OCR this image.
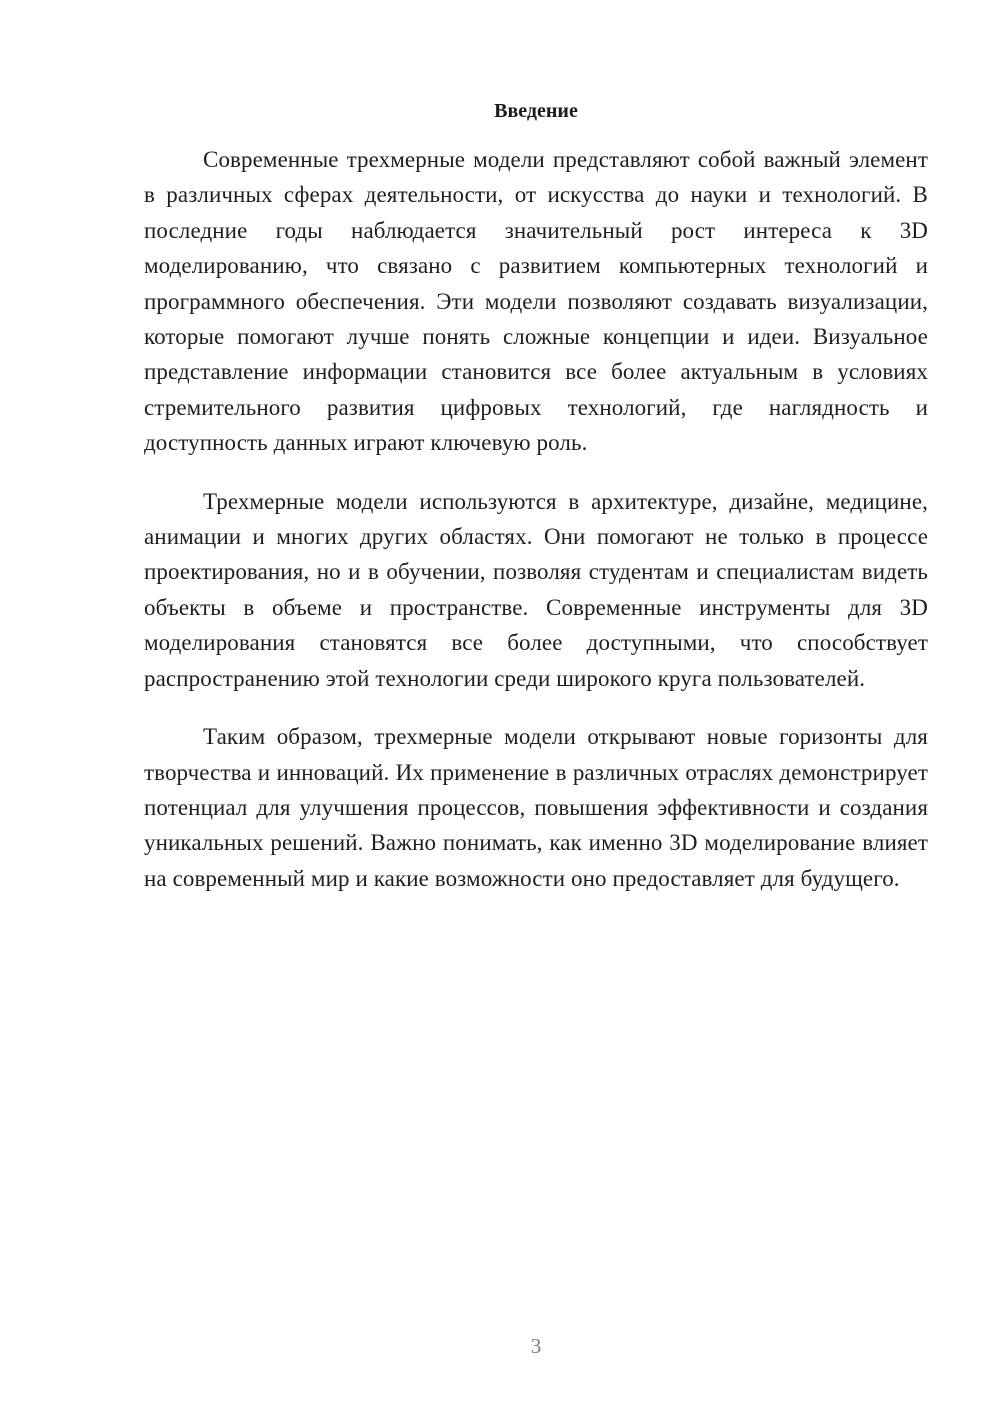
Введение

Современные трехмерные модели представляют собой важный элемент в различных сферах деятельности, от искусства до науки и технологий. В последние годы наблюдается значительный рост интереса к 3D моделированию, что связано с развитием компьютерных технологий и программного обеспечения. Эти модели позволяют создавать визуализации, которые помогают лучше понять сложные концепции и идеи. Визуальное представление информации становится все более актуальным в условиях стремительного развития цифровых технологий, где наглядность и доступность данных играют ключевую роль.

Трехмерные модели используются в архитектуре, дизайне, медицине, анимации и многих других областях. Они помогают не только в процессе проектирования, но и в обучении, позволяя студентам и специалистам видеть объекты в объеме и пространстве. Современные инструменты для 3D моделирования становятся все более доступными, что способствует распространению этой технологии среди широкого круга пользователей.

Таким образом, трехмерные модели открывают новые горизонты для творчества и инноваций. Их применение в различных отраслях демонстрирует потенциал для улучшения процессов, повышения эффективности и создания уникальных решений. Важно понимать, как именно 3D моделирование влияет на современный мир и какие возможности оно предоставляет для будущего.

3
